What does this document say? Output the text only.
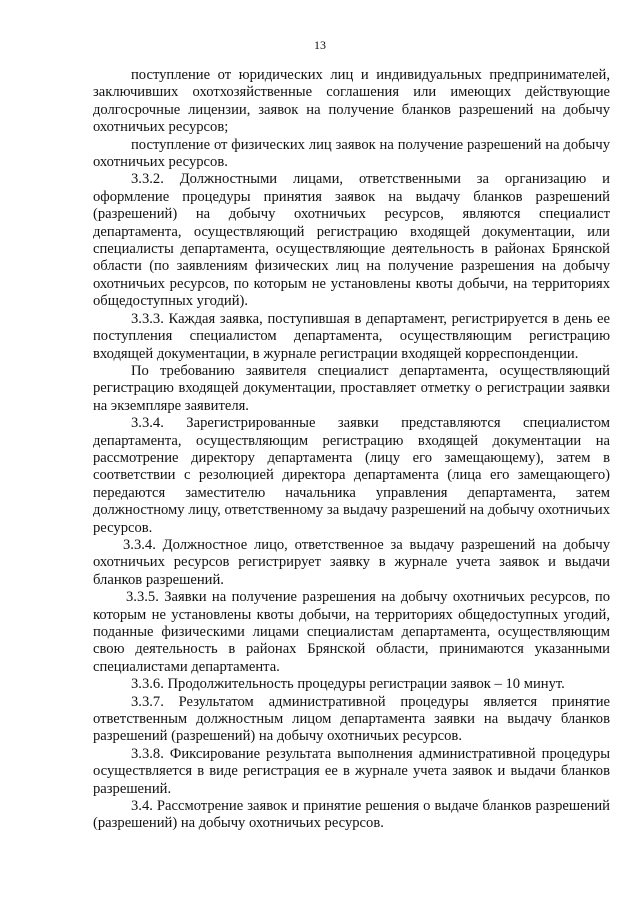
13

поступление от юридических лиц и индивидуальных предпринимателей, заключивших охотхозяйственные соглашения или имеющих действующие долгосрочные лицензии, заявок на получение бланков разрешений на добычу охотничьих ресурсов;

поступление от физических лиц заявок на получение разрешений на добычу охотничьих ресурсов.

3.3.2. Должностными лицами, ответственными за организацию и оформление процедуры принятия заявок на выдачу бланков разрешений (разрешений) на добычу охотничьих ресурсов, являются специалист департамента, осуществляющий регистрацию входящей документации, или специалисты департамента, осуществляющие деятельность в районах Брянской области (по заявлениям физических лиц на получение разрешения на добычу охотничьих ресурсов, по которым не установлены квоты добычи, на территориях общедоступных угодий).

3.3.3. Каждая заявка, поступившая в департамент, регистрируется в день ее поступления специалистом департамента, осуществляющим регистрацию входящей документации, в журнале регистрации входящей корреспонденции.

По требованию заявителя специалист департамента, осуществляющий регистрацию входящей документации, проставляет отметку о регистрации заявки на экземпляре заявителя.

3.3.4. Зарегистрированные заявки представляются специалистом департамента, осуществляющим регистрацию входящей документации на рассмотрение директору департамента (лицу его замещающему), затем в соответствии с резолюцией директора департамента (лица его замещающего) передаются заместителю начальника управления департамента, затем должностному лицу, ответственному за выдачу разрешений на добычу охотничьих ресурсов.

3.3.4. Должностное лицо, ответственное за выдачу разрешений на добычу охотничьих ресурсов регистрирует заявку в журнале учета заявок и выдачи бланков разрешений.

3.3.5. Заявки на получение разрешения на добычу охотничьих ресурсов, по которым не установлены квоты добычи, на территориях общедоступных угодий, поданные физическими лицами специалистам департамента, осуществляющим свою деятельность в районах Брянской области, принимаются указанными специалистами департамента.

3.3.6. Продолжительность процедуры регистрации заявок – 10 минут.

3.3.7. Результатом административной процедуры является принятие ответственным должностным лицом департамента заявки на выдачу бланков разрешений (разрешений) на добычу охотничьих ресурсов.

3.3.8. Фиксирование результата выполнения административной процедуры осуществляется в виде регистрация ее в журнале учета заявок и выдачи бланков разрешений.

3.4. Рассмотрение заявок и принятие решения о выдаче бланков разрешений (разрешений) на добычу охотничьих ресурсов.
